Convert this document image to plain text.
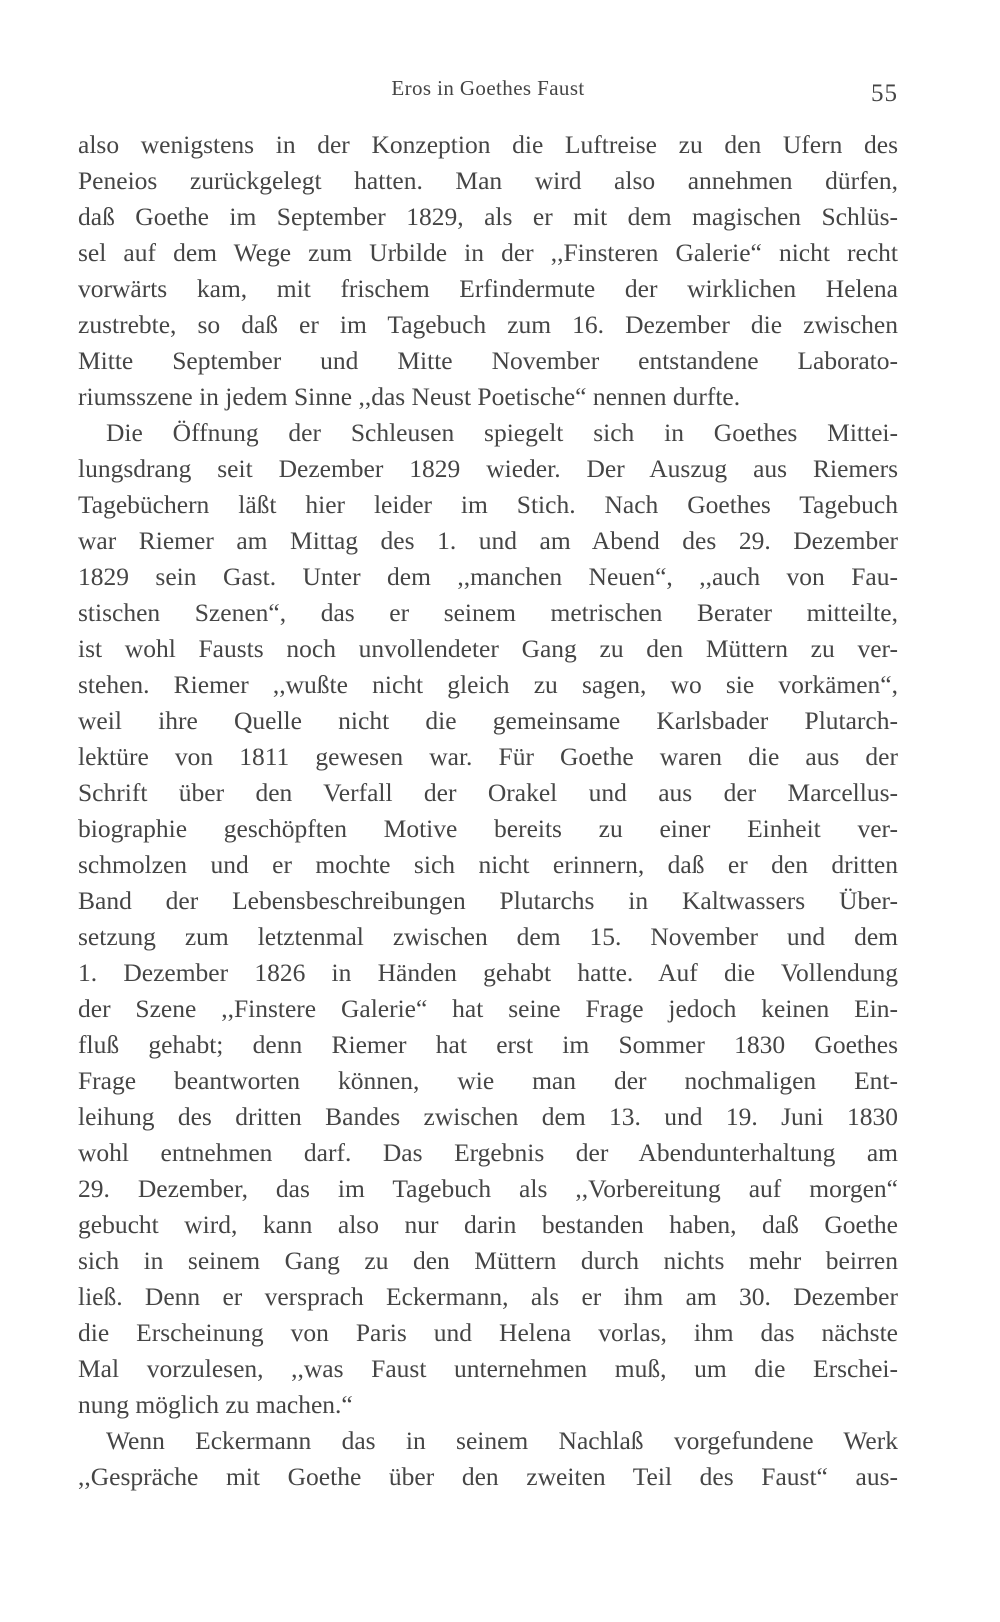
Eros in Goethes Faust	55
also wenigstens in der Konzeption die Luftreise zu den Ufern des
Peneios zurückgelegt hatten. Man wird also annehmen dürfen,
daß Goethe im September 1829, als er mit dem magischen Schlüs-
sel auf dem Wege zum Urbilde in der ,,Finsteren Galerie“ nicht recht
vorwärts kam, mit frischem Erfindermute der wirklichen Helena
zustrebte, so daß er im Tagebuch zum 16. Dezember die zwischen
Mitte September und Mitte November entstandene Laborato-
riumsszene in jedem Sinne ,,das Neust Poetische“ nennen durfte.
Die Öffnung der Schleusen spiegelt sich in Goethes Mittei-
lungsdrang seit Dezember 1829 wieder. Der Auszug aus Riemers
Tagebüchern läßt hier leider im Stich. Nach Goethes Tagebuch
war Riemer am Mittag des 1. und am Abend des 29. Dezember
1829 sein Gast. Unter dem ,,manchen Neuen“, ,,auch von Fau-
stischen Szenen“, das er seinem metrischen Berater mitteilte,
ist wohl Fausts noch unvollendeter Gang zu den Müttern zu ver-
stehen. Riemer ,,wußte nicht gleich zu sagen, wo sie vorkämen“,
weil ihre Quelle nicht die gemeinsame Karlsbader Plutarch-
lektüre von 1811 gewesen war. Für Goethe waren die aus der
Schrift über den Verfall der Orakel und aus der Marcellus-
biographie geschöpften Motive bereits zu einer Einheit ver-
schmolzen und er mochte sich nicht erinnern, daß er den dritten
Band der Lebensbeschreibungen Plutarchs in Kaltwassers Über-
setzung zum letztenmal zwischen dem 15. November und dem
1. Dezember 1826 in Händen gehabt hatte. Auf die Vollendung
der Szene ,,Finstere Galerie“ hat seine Frage jedoch keinen Ein-
fluß gehabt; denn Riemer hat erst im Sommer 1830 Goethes
Frage beantworten können, wie man der nochmaligen Ent-
leihung des dritten Bandes zwischen dem 13. und 19. Juni 1830
wohl entnehmen darf. Das Ergebnis der Abendunterhaltung am
29. Dezember, das im Tagebuch als ,,Vorbereitung auf morgen“
gebucht wird, kann also nur darin bestanden haben, daß Goethe
sich in seinem Gang zu den Müttern durch nichts mehr beirren
ließ. Denn er versprach Eckermann, als er ihm am 30. Dezember
die Erscheinung von Paris und Helena vorlas, ihm das nächste
Mal vorzulesen, ,,was Faust unternehmen muß, um die Erschei-
nung möglich zu machen.“
Wenn Eckermann das in seinem Nachlaß vorgefundene Werk
,,Gespräche mit Goethe über den zweiten Teil des Faust“ aus-
